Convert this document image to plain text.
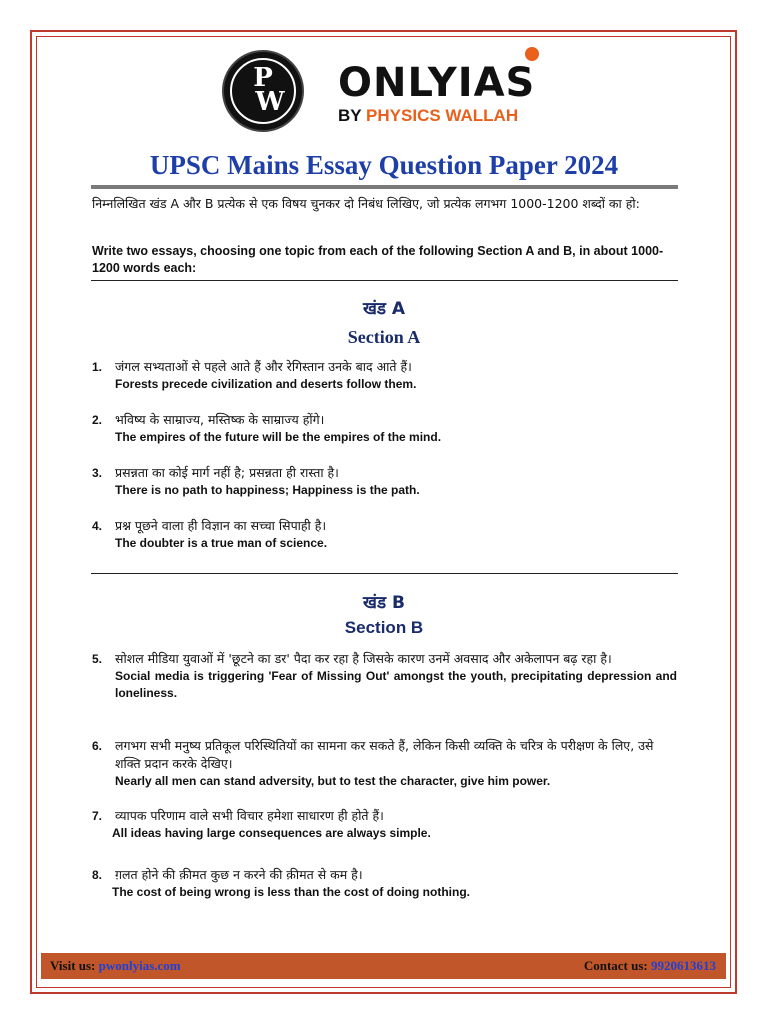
P
W	ONLYIAS
BY PHYSICS WALLAH
UPSC Mains Essay Question Paper 2024
निम्नलिखित खंड A और B प्रत्येक से एक विषय चुनकर दो निबंध लिखिए, जो प्रत्येक लगभग 1000-1200 शब्दों का हो:
Write two essays, choosing one topic from each of the following Section A and B, in about 1000-1200 words each:
खंड A
Section A
1. जंगल सभ्यताओं से पहले आते हैं और रेगिस्तान उनके बाद आते हैं।
Forests precede civilization and deserts follow them.
2. भविष्य के साम्राज्य, मस्तिष्क के साम्राज्य होंगे।
The empires of the future will be the empires of the mind.
3. प्रसन्नता का कोई मार्ग नहीं है; प्रसन्नता ही रास्ता है।
There is no path to happiness; Happiness is the path.
4. प्रश्न पूछने वाला ही विज्ञान का सच्चा सिपाही है।
The doubter is a true man of science.
खंड B
Section B
5. सोशल मीडिया युवाओं में 'छूटने का डर' पैदा कर रहा है जिसके कारण उनमें अवसाद और अकेलापन बढ़ रहा है।
Social media is triggering 'Fear of Missing Out' amongst the youth, precipitating depression and loneliness.
6. लगभग सभी मनुष्य प्रतिकूल परिस्थितियों का सामना कर सकते हैं, लेकिन किसी व्यक्ति के चरित्र के परीक्षण के लिए, उसे शक्ति प्रदान करके देखिए।
Nearly all men can stand adversity, but to test the character, give him power.
7. व्यापक परिणाम वाले सभी विचार हमेशा साधारण ही होते हैं।
All ideas having large consequences are always simple.
8. ग़लत होने की क़ीमत कुछ न करने की क़ीमत से कम है।
The cost of being wrong is less than the cost of doing nothing.
Visit us: pwonlyias.com	Contact us: 9920613613
